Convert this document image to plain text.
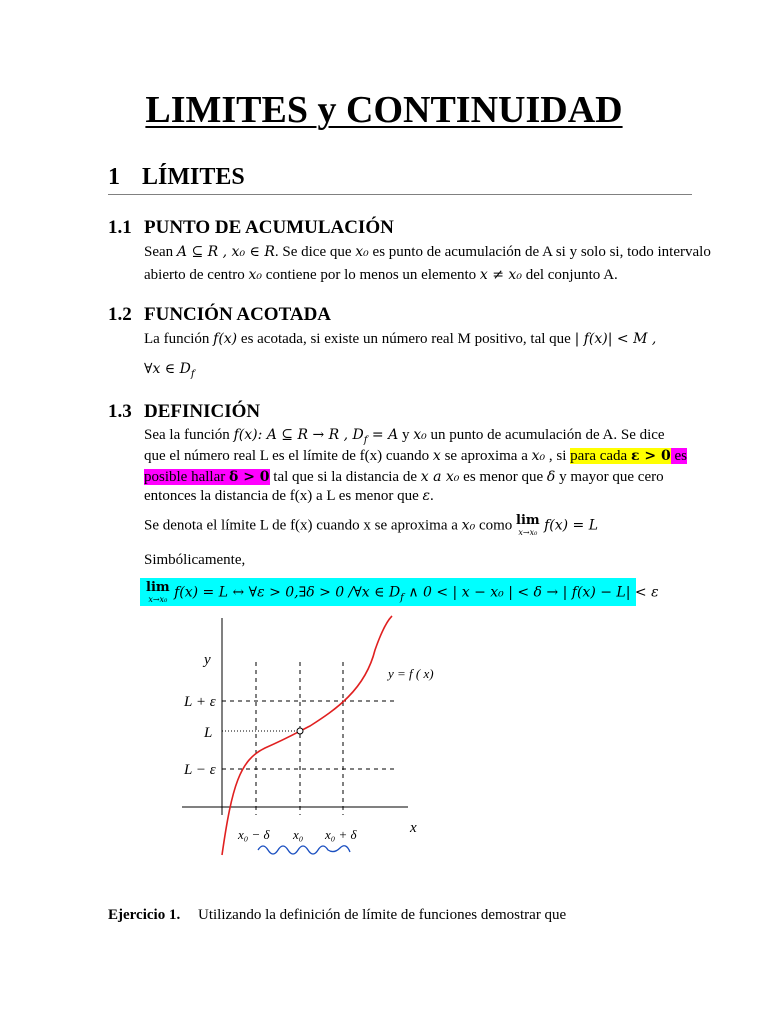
LIMITES y CONTINUIDAD
1 LÍMITES
1.1 PUNTO DE ACUMULACIÓN
Sean A ⊆ R , x₀ ∈ R. Se dice que x₀ es punto de acumulación de A si y solo si, todo intervalo
abierto de centro x₀ contiene por lo menos un elemento x ≠ x₀ del conjunto A.
1.2 FUNCIÓN ACOTADA
La función f(x) es acotada, si existe un número real M positivo, tal que | f(x)| < M ,
∀x ∈ $D_f$
1.3 DEFINICIÓN
Sea la función f(x): A ⊆ R → R , $D_f = A$ y x₀ un punto de acumulación de A. Se dice
que el número real L es el límite de f(x) cuando x se aproxima a x₀ , si para cada ε > 0 es
posible hallar δ > 0 tal que si la distancia de x a x₀ es menor que δ y mayor que cero
entonces la distancia de f(x) a L es menor que ε.
Se denota el límite L de f(x) cuando x se aproxima a x₀ como lim
x→x₀ f(x) = L
Simbólicamente,
lim
x→x₀ f(x) = L ↔ ∀ε > 0,∃δ > 0 /∀x ∈ $D_f$ ∧ 0 < | x − x₀ | < δ → | f(x) − L| < ε
y
x
y = f ( x)
L + ε
L
L − ε
x₀ − δ x₀ x₀ + δ
Ejercicio 1. Utilizando la definición de límite de funciones demostrar que
